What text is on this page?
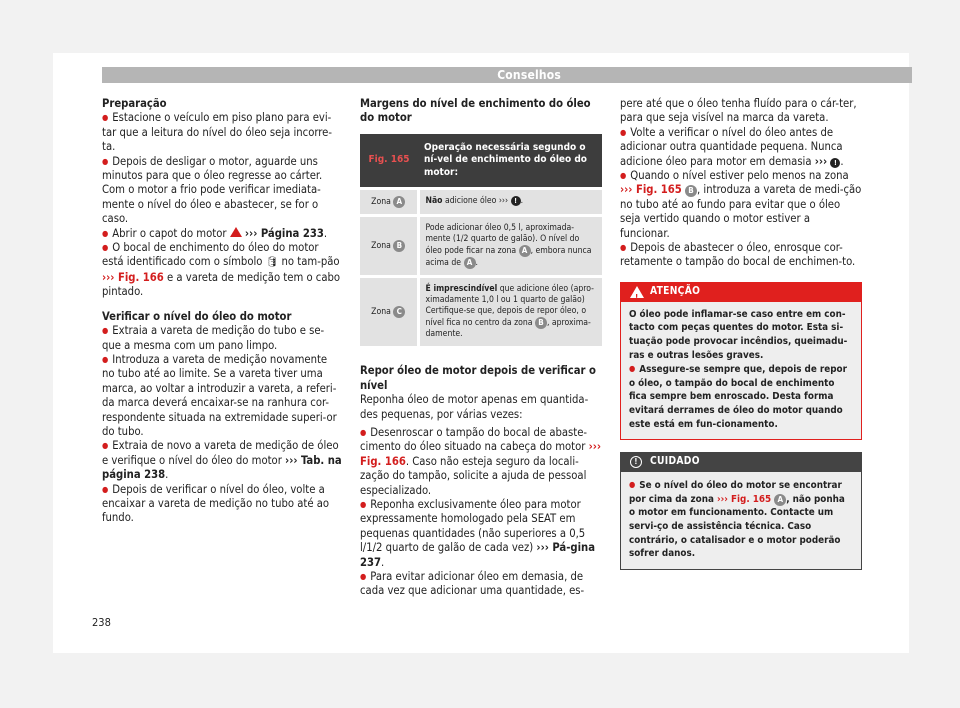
Conselhos

Preparação

● Estacione o veículo em piso plano para evi-tar que a leitura do nível do óleo seja incorre-ta.

● Depois de desligar o motor, aguarde uns minutos para que o óleo regresse ao cárter. Com o motor a frio pode verificar imediata-mente o nível do óleo e abastecer, se for o caso.

● Abrir o capot do motor ››› Página 233.

● O bocal de enchimento do óleo do motor está identificado com o símbolo 🛢 no tam-pão ››› Fig. 166 e a vareta de medição tem o cabo pintado.

Verificar o nível do óleo do motor

● Extraia a vareta de medição do tubo e se-que a mesma com um pano limpo.

● Introduza a vareta de medição novamente no tubo até ao limite. Se a vareta tiver uma marca, ao voltar a introduzir a vareta, a referi-da marca deverá encaixar-se na ranhura cor-respondente situada na extremidade superi-or do tubo.

● Extraia de novo a vareta de medição de óleo e verifique o nível do óleo do motor ››› Tab. na página 238.

● Depois de verificar o nível do óleo, volte a encaixar a vareta de medição no tubo até ao fundo.

Margens do nível de enchimento do óleo do motor

Fig. 165	Operação necessária segundo o ní-vel de enchimento do óleo do motor:
Zona A	Não adicione óleo ››› ! .
Zona B	Pode adicionar óleo 0,5 l, aproximada-mente (1/2 quarto de galão). O nível do óleo pode ficar na zona A , embora nunca acima de A .
Zona C	É imprescindível que adicione óleo (apro-ximadamente 1,0 l ou 1 quarto de galão) Certifique-se que, depois de repor óleo, o nível fica no centro da zona B , aproxima-damente.

Repor óleo de motor depois de verificar o nível

Reponha óleo de motor apenas em quantida-des pequenas, por várias vezes:

● Desenroscar o tampão do bocal de abaste-cimento do óleo situado na cabeça do motor ››› Fig. 166. Caso não esteja seguro da locali-zação do tampão, solicite a ajuda de pessoal especializado.

● Reponha exclusivamente óleo para motor expressamente homologado pela SEAT em pequenas quantidades (não superiores a 0,5 l/1/2 quarto de galão de cada vez) ››› Pá-gina 237.

● Para evitar adicionar óleo em demasia, de cada vez que adicionar uma quantidade, es-

pere até que o óleo tenha fluído para o cár-ter, para que seja visível na marca da vareta.

● Volte a verificar o nível do óleo antes de adicionar outra quantidade pequena. Nunca adicione óleo para motor em demasia ››› ! .

● Quando o nível estiver pelo menos na zona ››› Fig. 165 B , introduza a vareta de medi-ção no tubo até ao fundo para evitar que o óleo seja vertido quando o motor estiver a funcionar.

● Depois de abastecer o óleo, enrosque cor-retamente o tampão do bocal de enchimen-to.

!
ATENÇÃO

O óleo pode inflamar-se caso entre em con-tacto com peças quentes do motor. Esta si-tuação pode provocar incêndios, queimadu-ras e outras lesões graves.

● Assegure-se sempre que, depois de repor o óleo, o tampão do bocal de enchimento fica sempre bem enroscado. Desta forma evitará derrames de óleo do motor quando este está em fun-cionamento.

!	CUIDADO

● Se o nível do óleo do motor se encontrar por cima da zona ››› Fig. 165 A , não ponha o motor em funcionamento. Contacte um servi-ço de assistência técnica. Caso contrário, o catalisador e o motor poderão sofrer danos.

238
